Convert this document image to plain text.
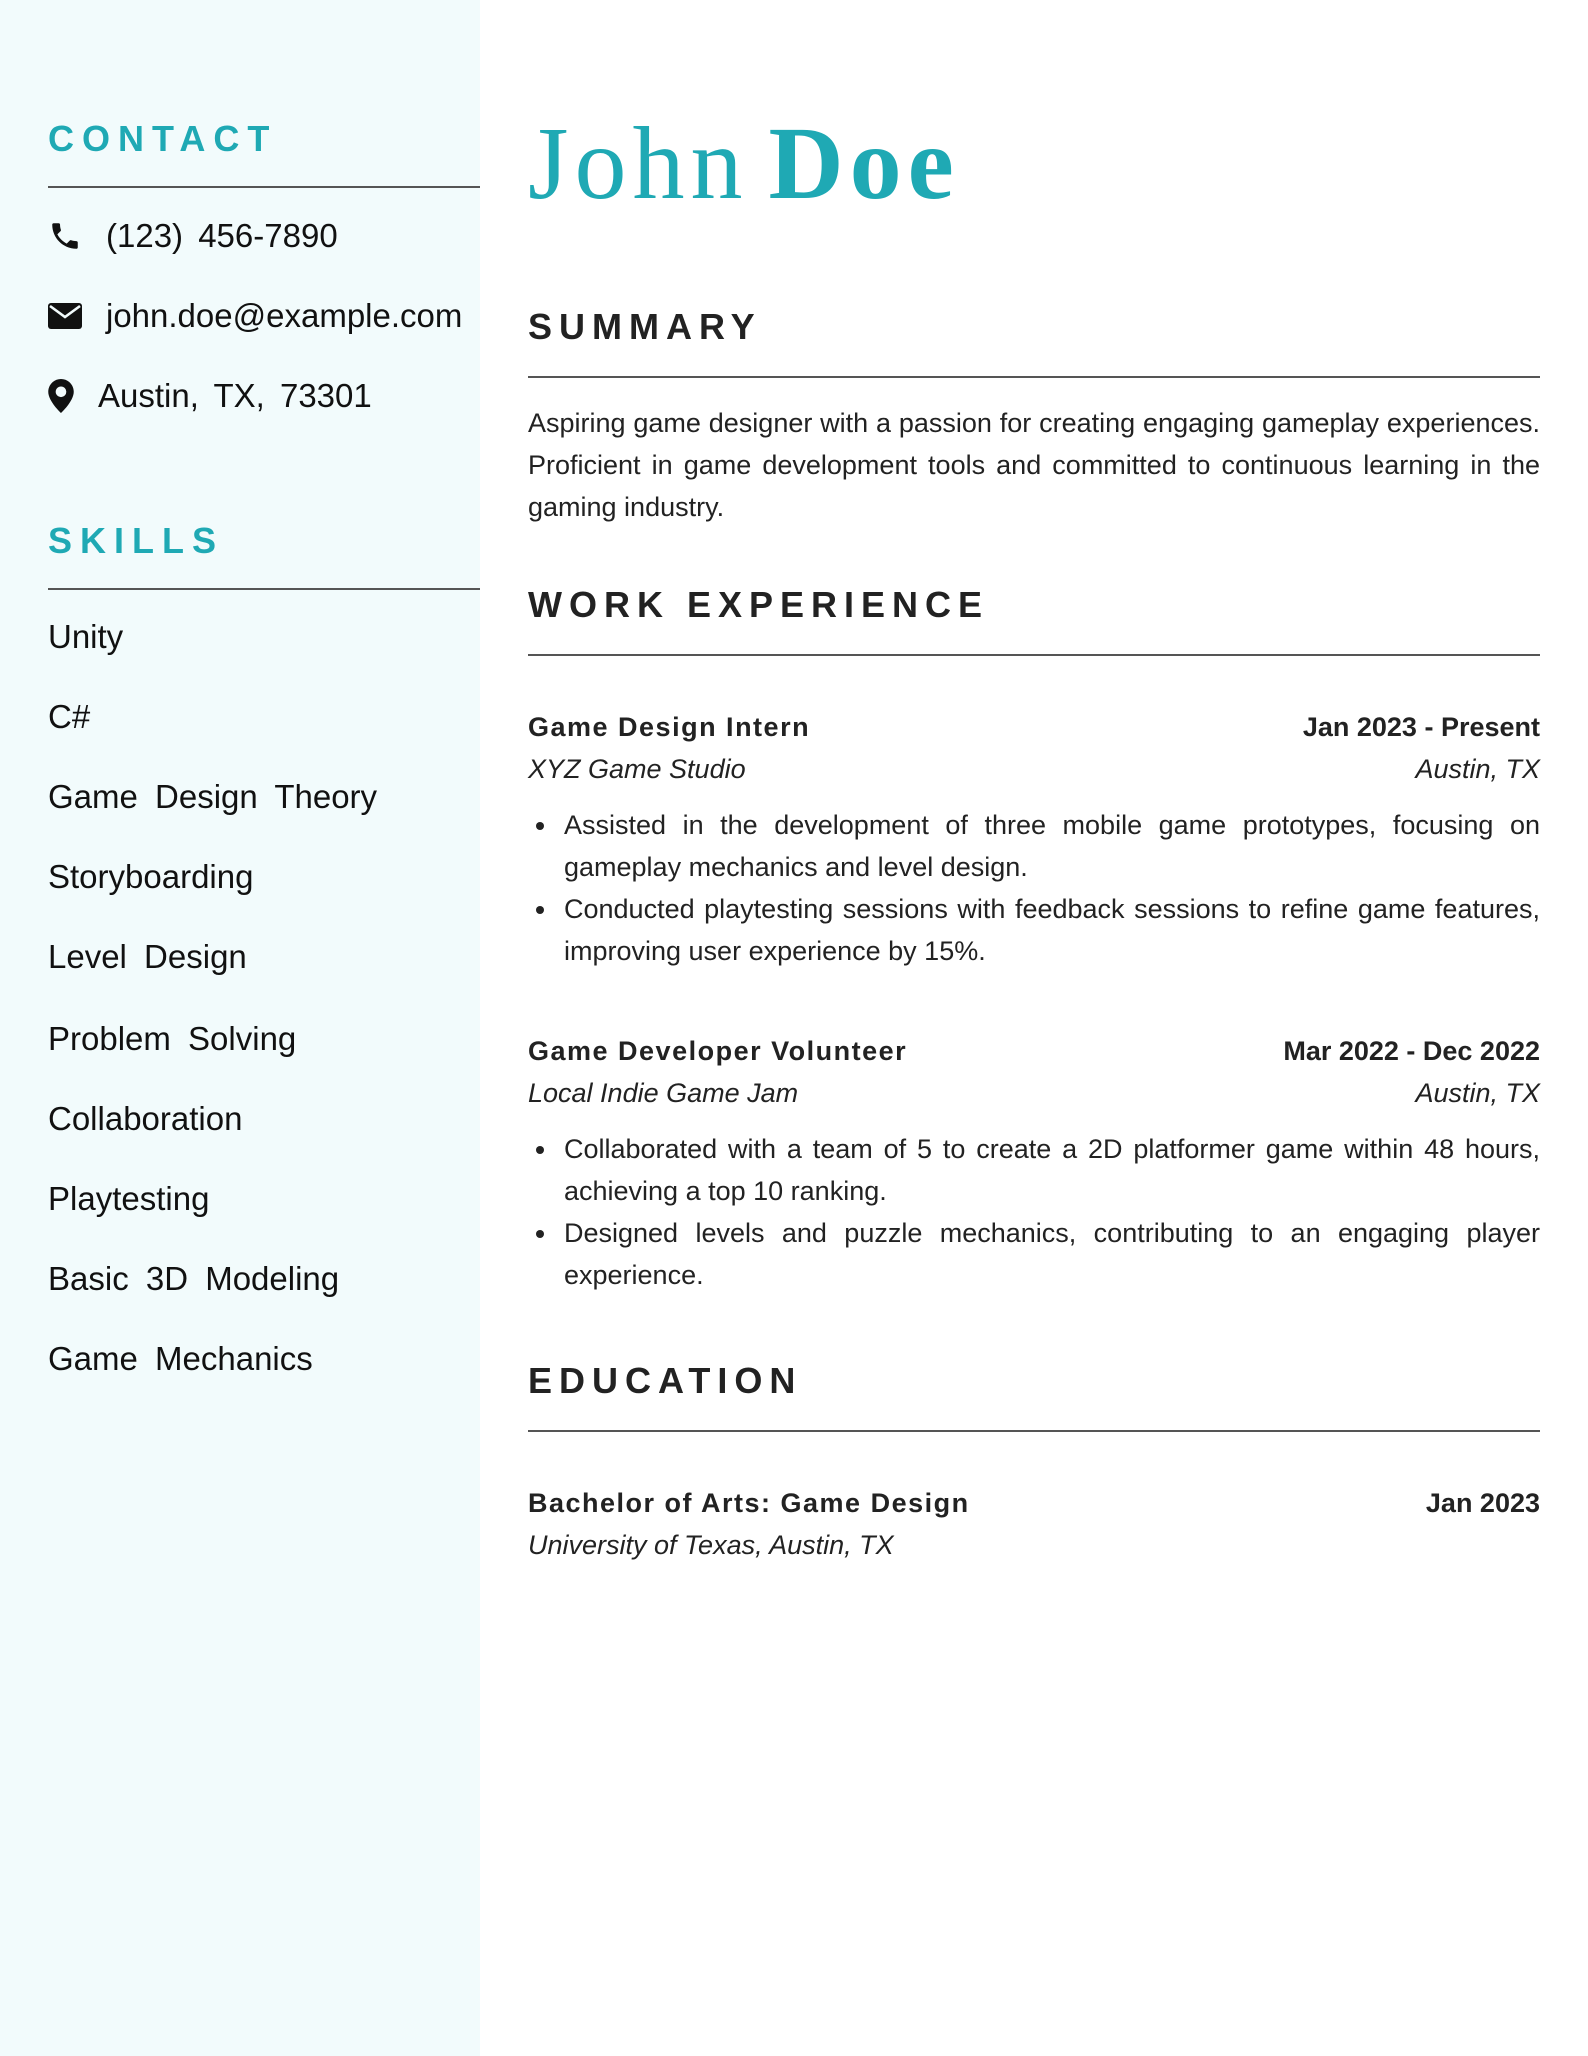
CONTACT
(123) 456-7890
john.doe@example.com
Austin, TX, 73301
SKILLS
Unity
C#
Game Design Theory
Storyboarding
Level Design
Problem Solving
Collaboration
Playtesting
Basic 3D Modeling
Game Mechanics
John Doe
SUMMARY
Aspiring game designer with a passion for creating engaging gameplay experiences. Proficient in game development tools and committed to continuous learning in the gaming industry.
WORK EXPERIENCE
Game Design Intern	Jan 2023 - Present
XYZ Game Studio	Austin, TX
Assisted in the development of three mobile game prototypes, focusing on gameplay mechanics and level design.
Conducted playtesting sessions with feedback sessions to refine game features, improving user experience by 15%.
Game Developer Volunteer	Mar 2022 - Dec 2022
Local Indie Game Jam	Austin, TX
Collaborated with a team of 5 to create a 2D platformer game within 48 hours, achieving a top 10 ranking.
Designed levels and puzzle mechanics, contributing to an engaging player experience.
EDUCATION
Bachelor of Arts: Game Design	Jan 2023
University of Texas, Austin, TX
